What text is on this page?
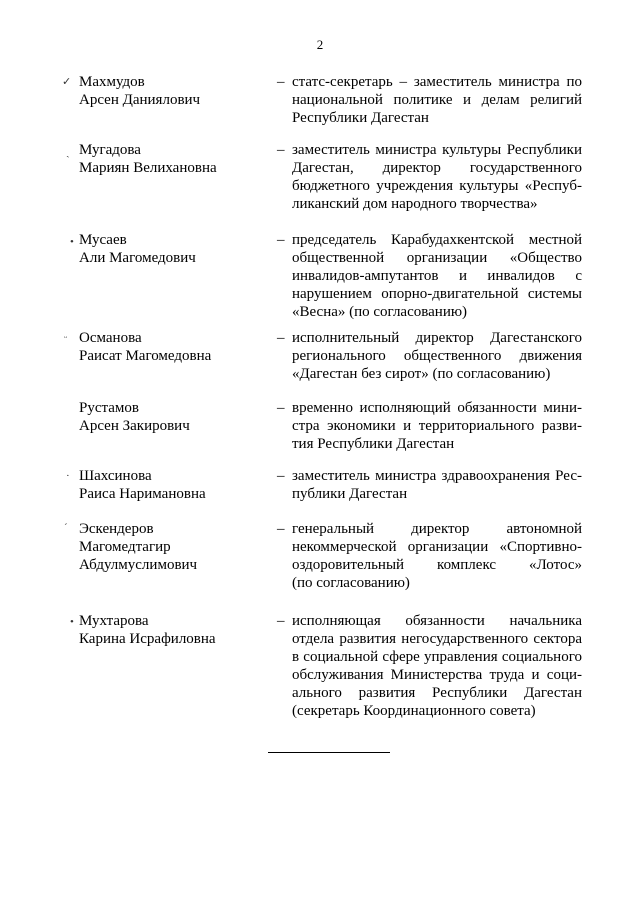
2
Махмудов
Арсен Даниялович
– статс-секретарь – заместитель министра по
национальной политике и делам религий
Республики Дагестан
Мугадова
Мариян Велихановна
– заместитель министра культуры Республики
Дагестан, директор государственного
бюджетного учреждения культуры «Респуб-
ликанский дом народного творчества»
Мусаев
Али Магомедович
– председатель Карабудахкентской местной
общественной организации «Общество
инвалидов-ампутантов и инвалидов с
нарушением опорно-двигательной системы
«Весна» (по согласованию)
Османова
Раисат Магомедовна
– исполнительный директор Дагестанского
регионального общественного движения
«Дагестан без сирот» (по согласованию)
Рустамов
Арсен Закирович
– временно исполняющий обязанности мини-
стра экономики и территориального разви-
тия Республики Дагестан
Шахсинова
Раиса Наримановна
– заместитель министра здравоохранения Рес-
публики Дагестан
Эскендеров
Магомедтагир
Абдулмуслимович
– генеральный директор автономной
некоммерческой организации «Спортивно-
оздоровительный комплекс «Лотос»
(по согласованию)
Мухтарова
Карина Исрафиловна
– исполняющая обязанности начальника
отдела развития негосударственного сектора
в социальной сфере управления социального
обслуживания Министерства труда и соци-
ального развития Республики Дагестан
(секретарь Координационного совета)
✓
ˎ
•
ᵕ
·
ˊ
•
